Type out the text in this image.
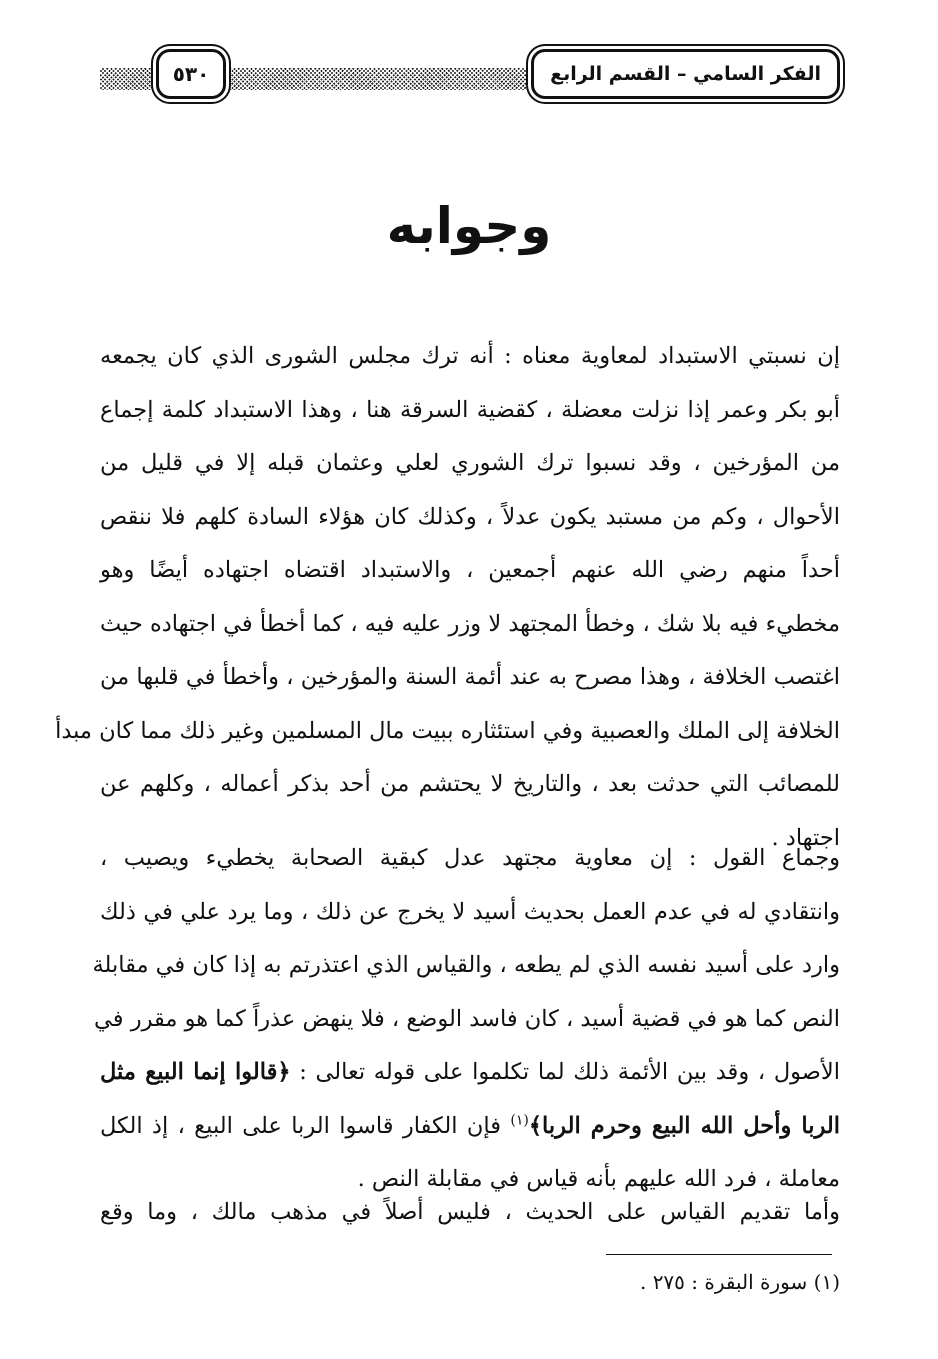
الفكر السامي – القسم الرابع
٥٣٠
وجوابه
إن نسبتي الاستبداد لمعاوية معناه : أنه ترك مجلس الشورى الذي كان يجمعه
أبو بكر وعمر إذا نزلت معضلة ، كقضية السرقة هنا ، وهذا الاستبداد كلمة إجماع
من المؤرخين ، وقد نسبوا ترك الشوري لعلي وعثمان قبله إلا في قليل من
الأحوال ، وكم من مستبد يكون عدلاً ، وكذلك كان هؤلاء السادة كلهم فلا ننقص
أحداً منهم رضي الله عنهم أجمعين ، والاستبداد اقتضاه اجتهاده أيضًا وهو
مخطيء فيه بلا شك ، وخطأ المجتهد لا وزر عليه فيه ، كما أخطأ في اجتهاده حيث
اغتصب الخلافة ، وهذا مصرح به عند أئمة السنة والمؤرخين ، وأخطأ في قلبها من
الخلافة إلى الملك والعصبية وفي استئثاره ببيت مال المسلمين وغير ذلك مما كان مبدأ
للمصائب التي حدثت بعد ، والتاريخ لا يحتشم من أحد بذكر أعماله ، وكلهم عن
اجتهاد .
وجماع القول : إن معاوية مجتهد عدل كبقية الصحابة يخطيء ويصيب ،
وانتقادي له في عدم العمل بحديث أسيد لا يخرج عن ذلك ، وما يرد علي في ذلك
وارد على أسيد نفسه الذي لم يطعه ، والقياس الذي اعتذرتم به إذا كان في مقابلة
النص كما هو في قضية أسيد ، كان فاسد الوضع ، فلا ينهض عذراً كما هو مقرر في
الأصول ، وقد بين الأئمة ذلك لما تكلموا على قوله تعالى : ﴿قالوا إنما البيع مثل
الربا وأحل الله البيع وحرم الربا﴾$^{(١)}$ فإن الكفار قاسوا الربا على البيع ، إذ الكل
معاملة ، فرد الله عليهم بأنه قياس في مقابلة النص .
وأما تقديم القياس على الحديث ، فليس أصلاً في مذهب مالك ، وما وقع
(١) سورة البقرة : ٢٧٥ .
